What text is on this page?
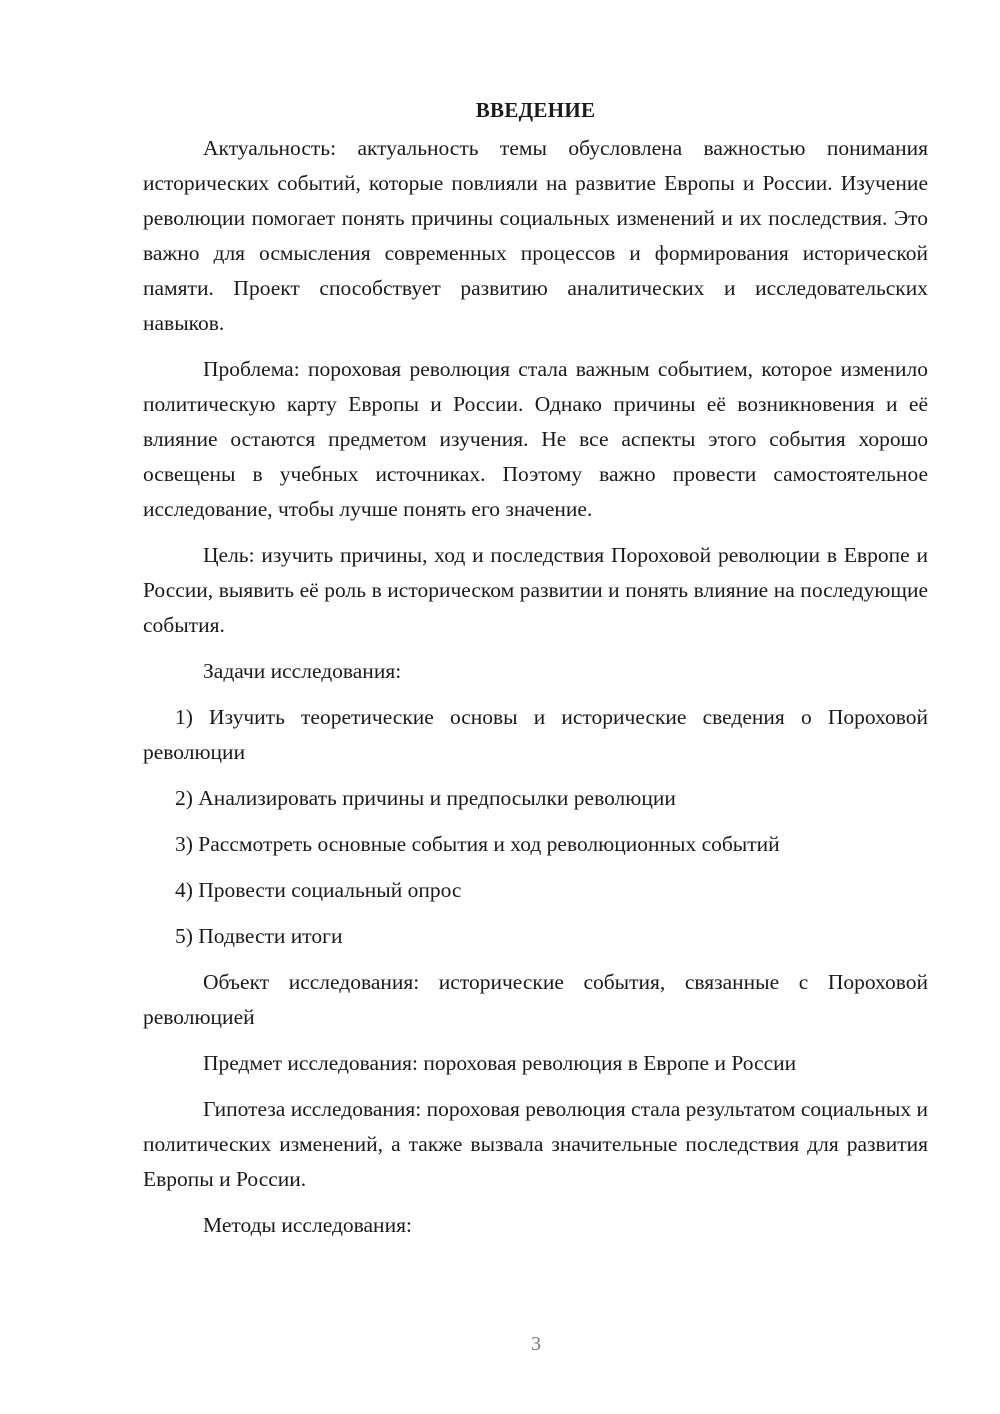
ВВЕДЕНИЕ

Актуальность: актуальность темы обусловлена важностью понимания исторических событий, которые повлияли на развитие Европы и России. Изучение революции помогает понять причины социальных изменений и их последствия. Это важно для осмысления современных процессов и формирования исторической памяти. Проект способствует развитию аналитических и исследовательских навыков.

Проблема: пороховая революция стала важным событием, которое изменило политическую карту Европы и России. Однако причины её возникновения и её влияние остаются предметом изучения. Не все аспекты этого события хорошо освещены в учебных источниках. Поэтому важно провести самостоятельное исследование, чтобы лучше понять его значение.

Цель: изучить причины, ход и последствия Пороховой революции в Европе и России, выявить её роль в историческом развитии и понять влияние на последующие события.

Задачи исследования:

1) Изучить теоретические основы и исторические сведения о Пороховой революции

2) Анализировать причины и предпосылки революции

3) Рассмотреть основные события и ход революционных событий

4) Провести социальный опрос

5) Подвести итоги

Объект исследования: исторические события, связанные с Пороховой революцией

Предмет исследования: пороховая революция в Европе и России

Гипотеза исследования: пороховая революция стала результатом социальных и политических изменений, а также вызвала значительные последствия для развития Европы и России.

Методы исследования:

3
